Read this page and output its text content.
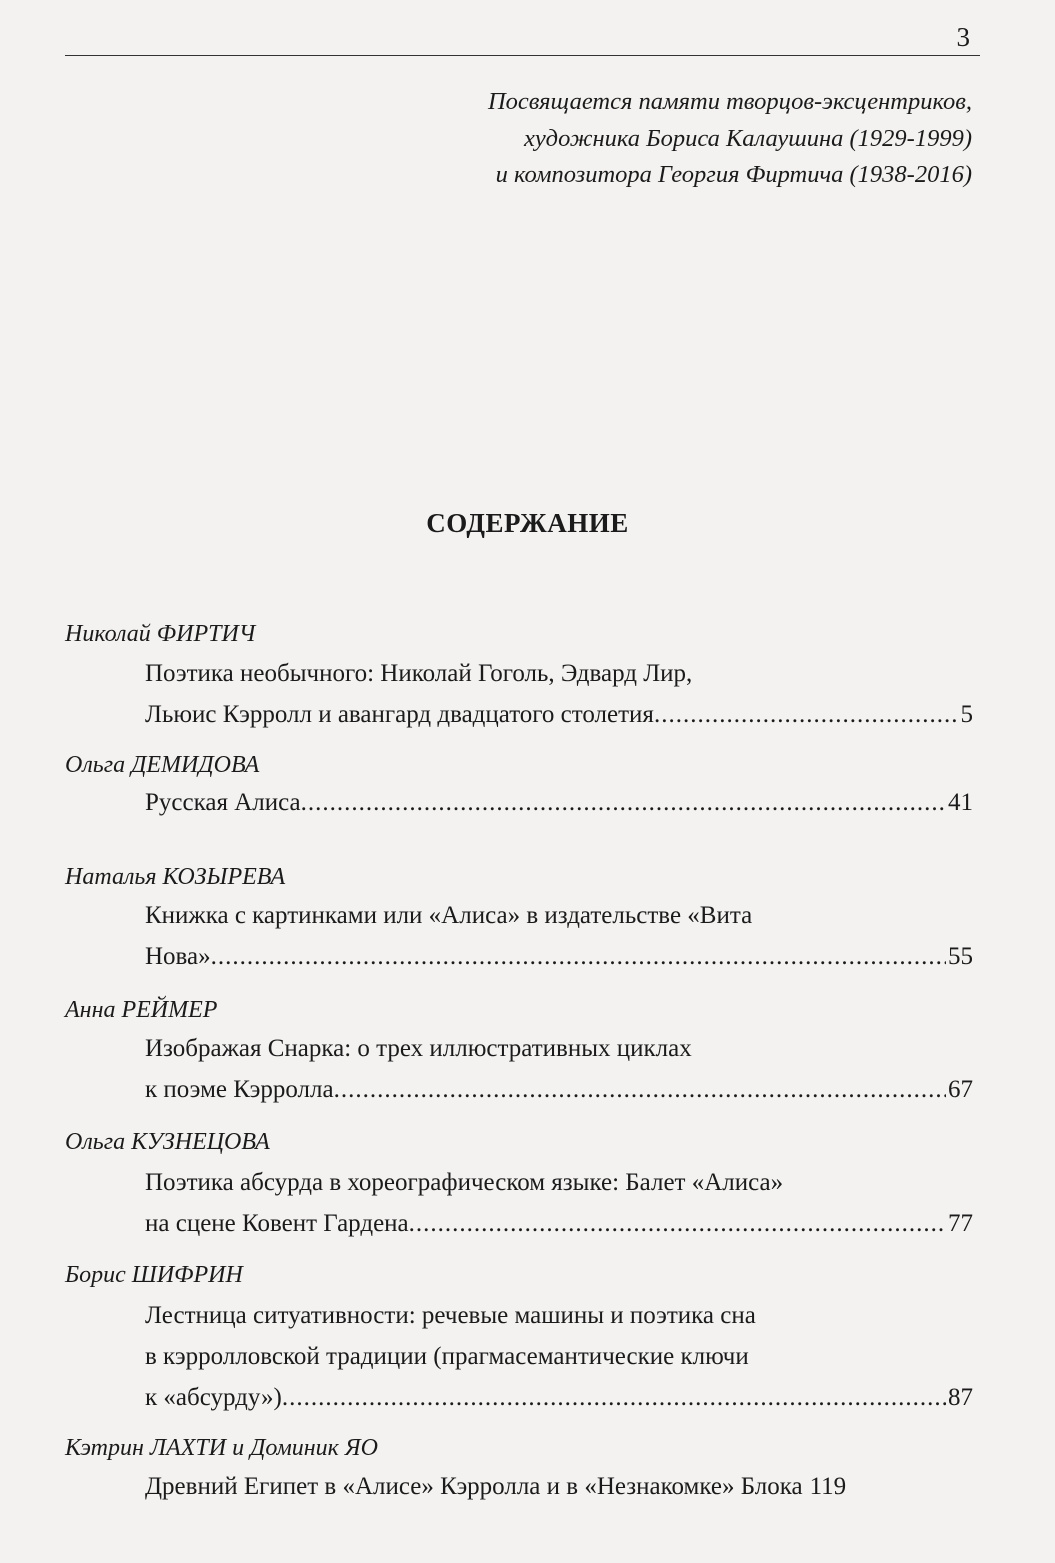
3
Посвящается памяти творцов-эксцентриков,
художника Бориса Калаушина (1929-1999)
и композитора Георгия Фиртича (1938-2016)
СОДЕРЖАНИЕ
Николай ФИРТИЧ
Поэтика необычного: Николай Гоголь, Эдвард Лир,
Льюис Кэрролл и авангард двадцатого столетия .....	5
Ольга ДЕМИДОВА
Русская Алиса .....	41
Наталья КОЗЫРЕВА
Книжка с картинками или «Алиса» в издательстве «Вита
Нова» .....	55
Анна РЕЙМЕР
Изображая Снарка: о трех иллюстративных циклах
к поэме Кэрролла .....	67
Ольга КУЗНЕЦОВА
Поэтика абсурда в хореографическом языке: Балет «Алиса»
на сцене Ковент Гардена .....	77
Борис ШИФРИН
Лестница ситуативности: речевые машины и поэтика сна
в кэрролловской традиции (прагмасемантические ключи
к «абсурду») .....	87
Кэтрин ЛАХТИ и Доминик ЯО
Древний Египет в «Алисе» Кэрролла и в «Незнакомке» Блока 119
